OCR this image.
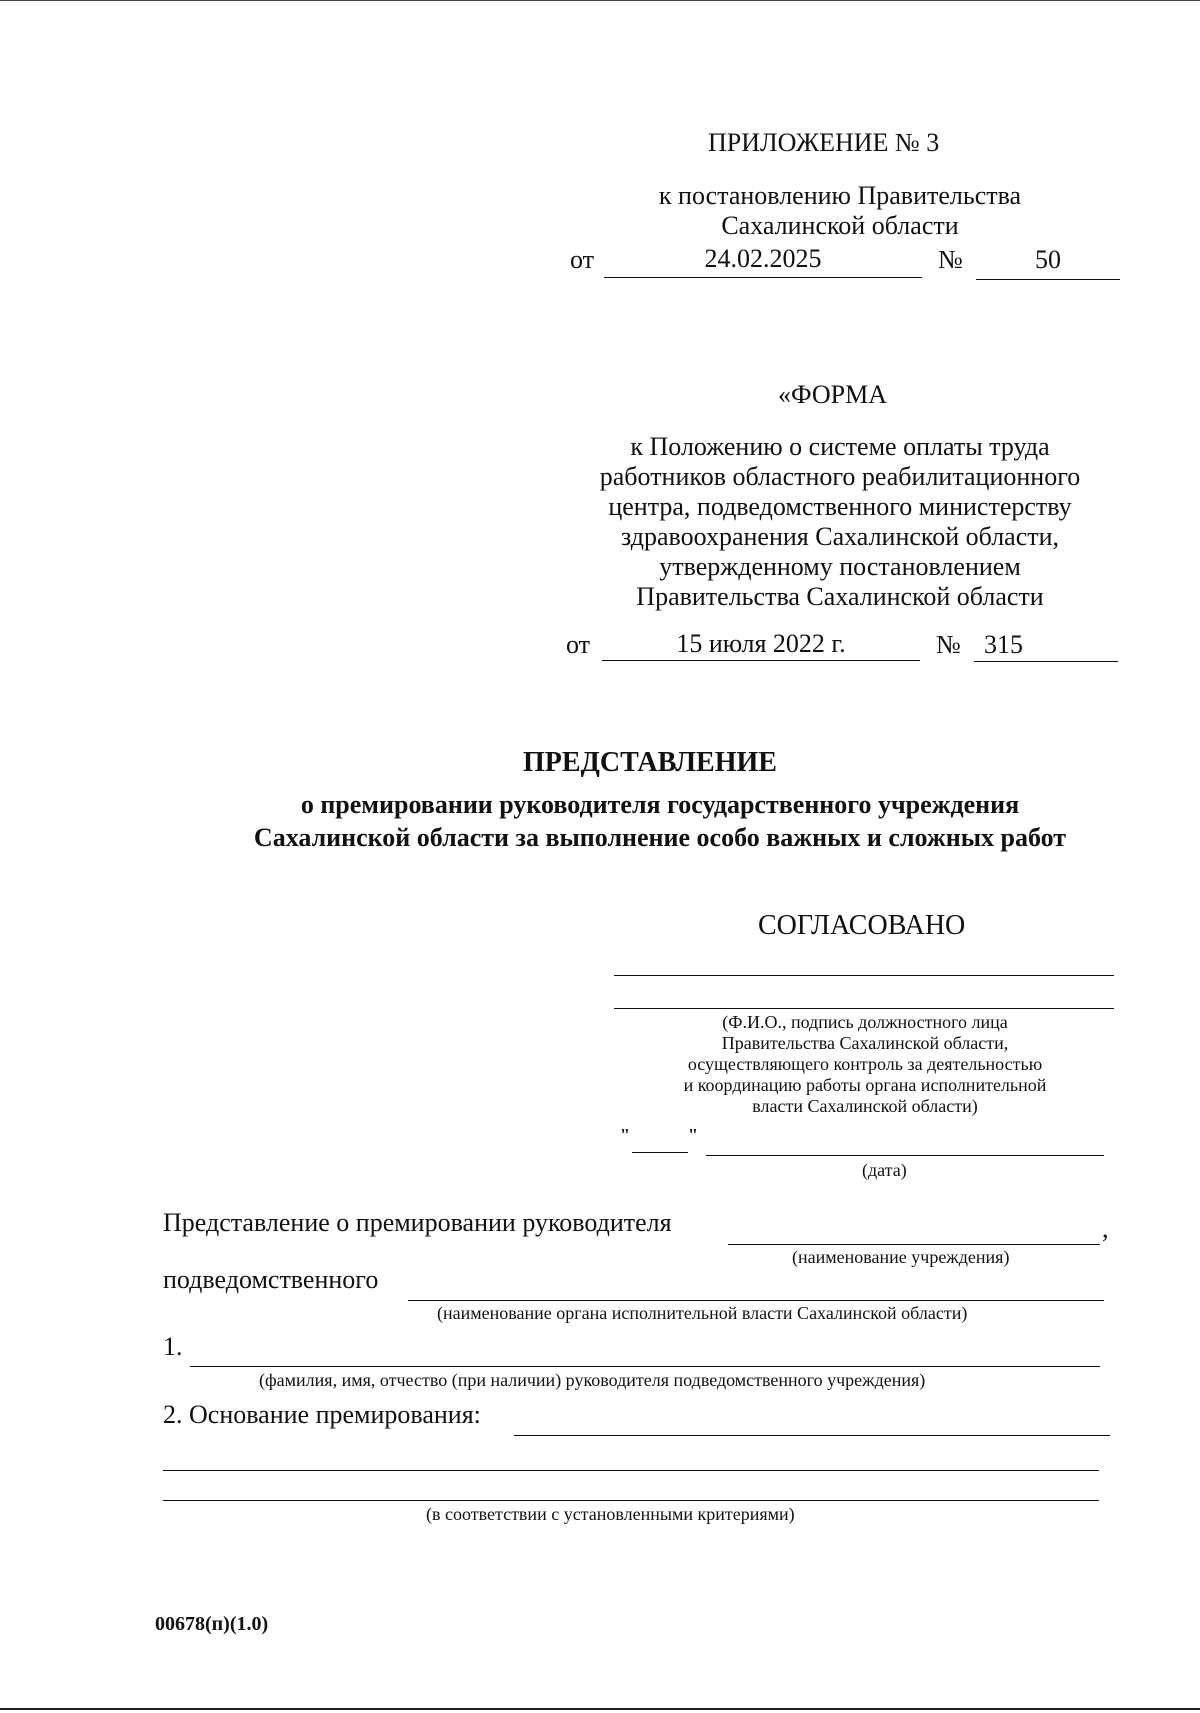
ПРИЛОЖЕНИЕ № 3
к постановлению Правительства
Сахалинской области
от	24.02.2025	№	50
«ФОРМА
к Положению о системе оплаты труда
работников областного реабилитационного
центра, подведомственного министерству
здравоохранения Сахалинской области,
утвержденному постановлением
Правительства Сахалинской области
от	15 июля 2022 г.	№ 315
ПРЕДСТАВЛЕНИЕ
о премировании руководителя государственного учреждения
Сахалинской области за выполнение особо важных и сложных работ
СОГЛАСОВАНО
(Ф.И.О., подпись должностного лица
Правительства Сахалинской области,
осуществляющего контроль за деятельностью
и координацию работы органа исполнительной
власти Сахалинской области)
"	"
(дата)
Представление о премировании руководителя	,
(наименование учреждения)
подведомственного
(наименование органа исполнительной власти Сахалинской области)
1.
(фамилия, имя, отчество (при наличии) руководителя подведомственного учреждения)
2. Основание премирования:
(в соответствии с установленными критериями)
00678(п)(1.0)
